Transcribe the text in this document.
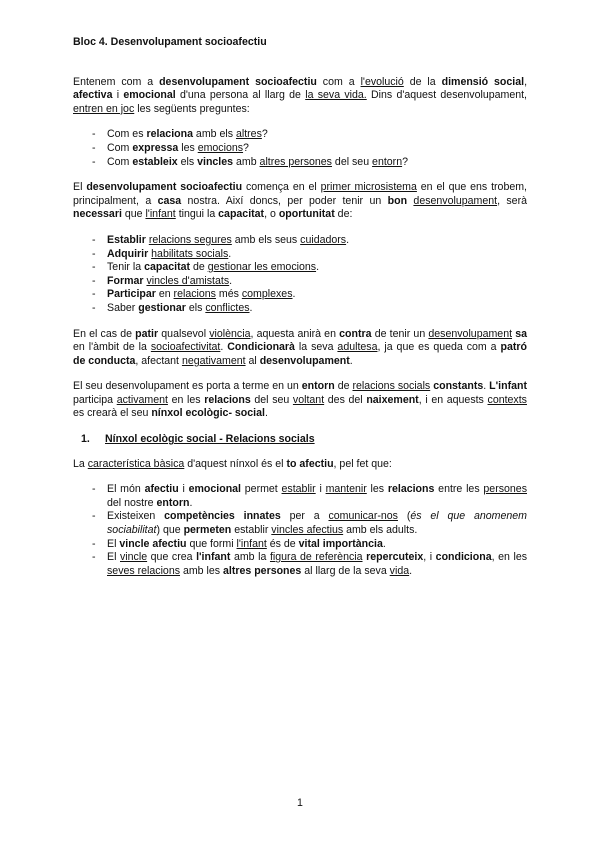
Bloc 4. Desenvolupament socioafectiu

Entenem com a desenvolupament socioafectiu com a l'evolució de la dimensió social, afectiva i emocional d'una persona al llarg de la seva vida. Dins d'aquest desenvolupament, entren en joc les següents preguntes:

- Com es relaciona amb els altres?
- Com expressa les emocions?
- Com estableix els vincles amb altres persones del seu entorn?

El desenvolupament socioafectiu comença en el primer microsistema en el que ens trobem, principalment, a casa nostra. Així doncs, per poder tenir un bon desenvolupament, serà necessari que l'infant tingui la capacitat, o oportunitat de:

- Establir relacions segures amb els seus cuidadors.
- Adquirir habilitats socials.
- Tenir la capacitat de gestionar les emocions.
- Formar vincles d'amistats.
- Participar en relacions més complexes.
- Saber gestionar els conflictes.

En el cas de patir qualsevol violència, aquesta anirà en contra de tenir un desenvolupament sa en l'àmbit de la socioafectivitat. Condicionarà la seva adultesa, ja que es queda com a patró de conducta, afectant negativament al desenvolupament.

El seu desenvolupament es porta a terme en un entorn de relacions socials constants. L'infant participa activament en les relacions del seu voltant des del naixement, i en aquests contexts es crearà el seu nínxol ecològic- social.

1. Nínxol ecològic social - Relacions socials

La característica bàsica d'aquest nínxol és el to afectiu, pel fet que:

- El món afectiu i emocional permet establir i mantenir les relacions entre les persones del nostre entorn.
- Existeixen competències innates per a comunicar-nos (és el que anomenem sociabilitat) que permeten establir vincles afectius amb els adults.
- El vincle afectiu que formi l'infant és de vital importància.
- El vincle que crea l'infant amb la figura de referència repercuteix, i condiciona, en les seves relacions amb les altres persones al llarg de la seva vida.
1
